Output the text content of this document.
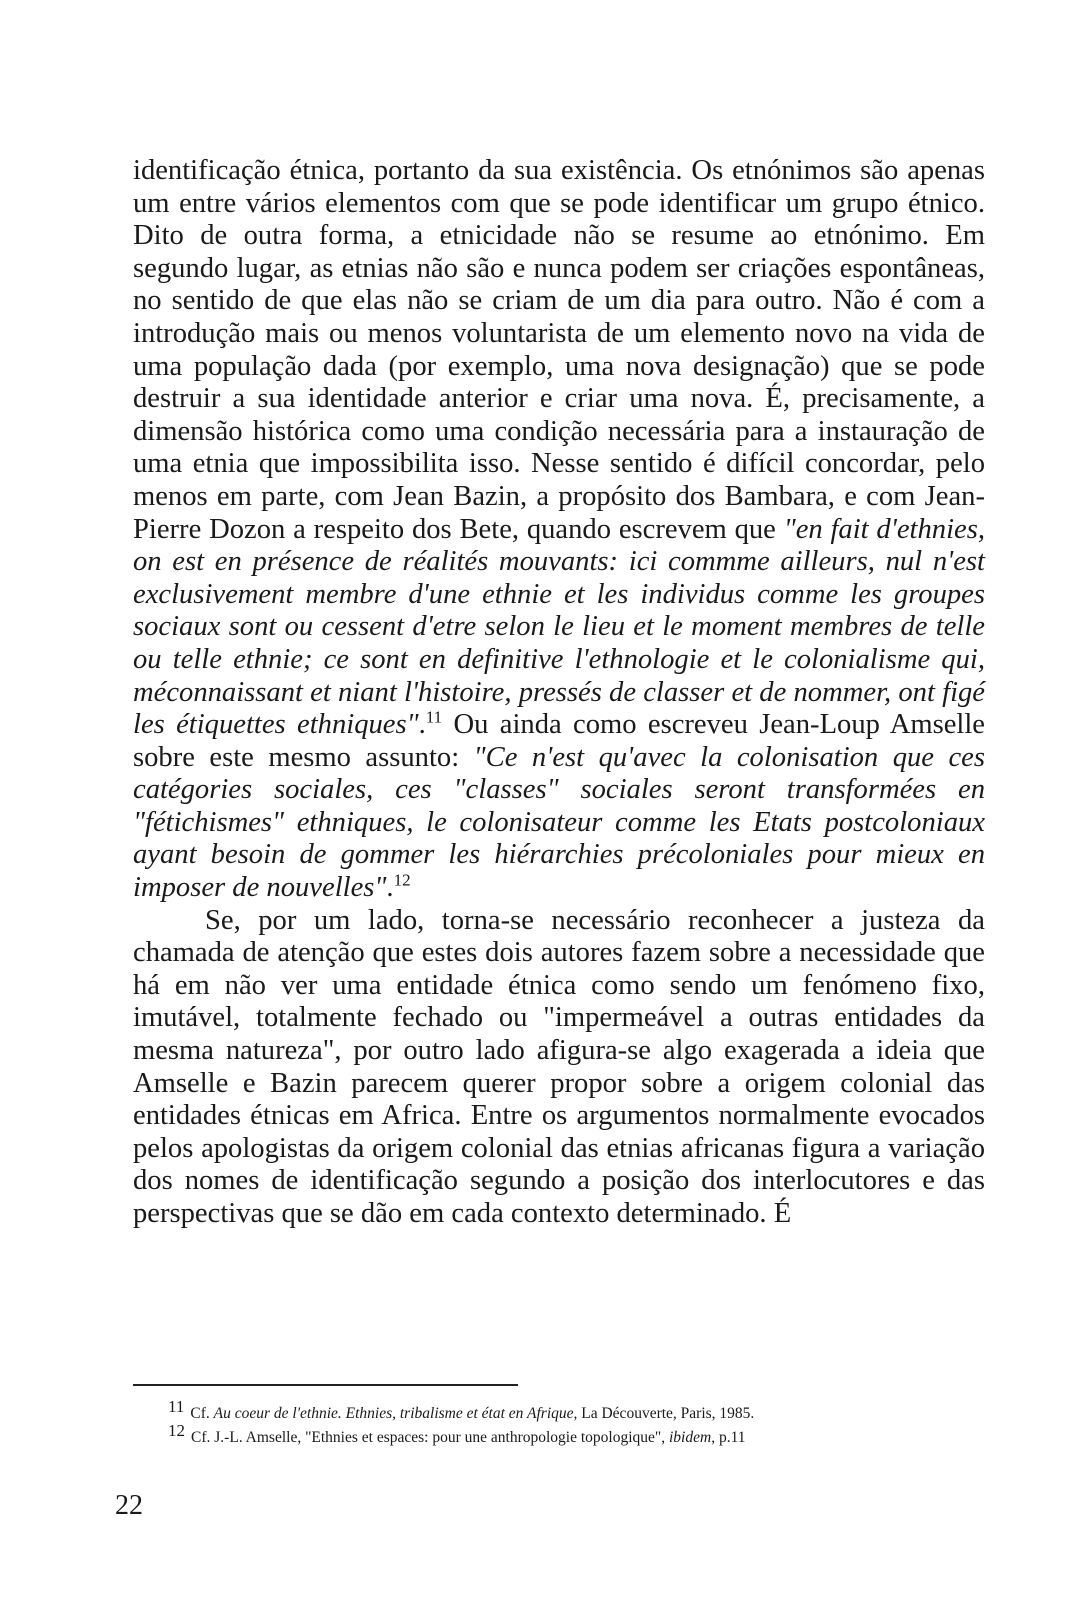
identificação étnica, portanto da sua existência. Os etnónimos são apenas um entre vários elementos com que se pode identificar um grupo étnico. Dito de outra forma, a etnicidade não se resume ao etnónimo. Em segundo lugar, as etnias não são e nunca podem ser criações espontâneas, no sentido de que elas não se criam de um dia para outro. Não é com a introdução mais ou menos voluntarista de um elemento novo na vida de uma população dada (por exemplo, uma nova designação) que se pode destruir a sua identidade anterior e criar uma nova. É, precisamente, a dimensão histórica como uma condição necessária para a instauração de uma etnia que impossibilita isso. Nesse sentido é difícil concordar, pelo menos em parte, com Jean Bazin, a propósito dos Bambara, e com Jean-Pierre Dozon a respeito dos Bete, quando escrevem que "en fait d'ethnies, on est en présence de réalités mouvants: ici commme ailleurs, nul n'est exclusivement membre d'une ethnie et les individus comme les groupes sociaux sont ou cessent d'etre selon le lieu et le moment membres de telle ou telle ethnie; ce sont en definitive l'ethnologie et le colonialisme qui, méconnaissant et niant l'histoire, pressés de classer et de nommer, ont figé les étiquettes ethniques".$^{11}$ Ou ainda como escreveu Jean-Loup Amselle sobre este mesmo assunto: "Ce n'est qu'avec la colonisation que ces catégories sociales, ces "classes" sociales seront transformées en "fétichismes" ethniques, le colonisateur comme les Etats postcoloniaux ayant besoin de gommer les hiérarchies précoloniales pour mieux en imposer de nouvelles".$^{12}$

Se, por um lado, torna-se necessário reconhecer a justeza da chamada de atenção que estes dois autores fazem sobre a necessidade que há em não ver uma entidade étnica como sendo um fenómeno fixo, imutável, totalmente fechado ou "impermeável a outras entidades da mesma natureza", por outro lado afigura-se algo exagerada a ideia que Amselle e Bazin parecem querer propor sobre a origem colonial das entidades étnicas em Africa. Entre os argumentos normalmente evocados pelos apologistas da origem colonial das etnias africanas figura a variação dos nomes de identificação segundo a posição dos interlocutores e das perspectivas que se dão em cada contexto determinado. É

11 Cf. Au coeur de l'ethnie. Ethnies, tribalisme et état en Afrique, La Découverte, Paris, 1985.

12 Cf. J.-L. Amselle, "Ethnies et espaces: pour une anthropologie topologique", ibidem, p.11

22
